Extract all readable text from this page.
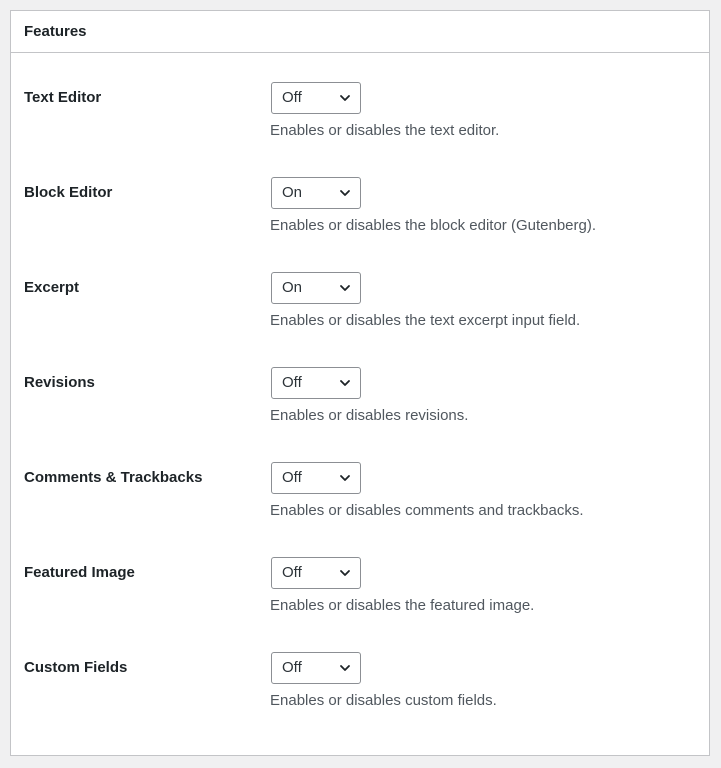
Features
Text Editor	Off
Enables or disables the text editor.
Block Editor	On
Enables or disables the block editor (Gutenberg).
Excerpt	On
Enables or disables the text excerpt input field.
Revisions	Off
Enables or disables revisions.
Comments & Trackbacks	Off
Enables or disables comments and trackbacks.
Featured Image	Off
Enables or disables the featured image.
Custom Fields	Off
Enables or disables custom fields.
